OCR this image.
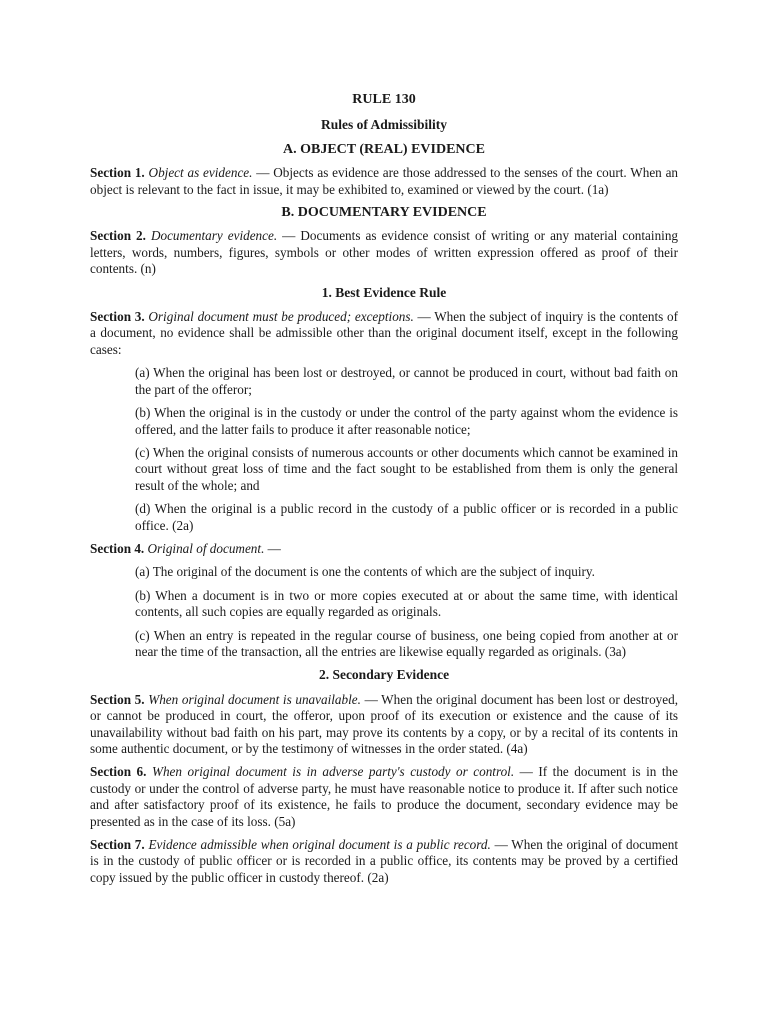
RULE 130
Rules of Admissibility
A. OBJECT (REAL) EVIDENCE

Section 1. Object as evidence. — Objects as evidence are those addressed to the senses of the court. When an object is relevant to the fact in issue, it may be exhibited to, examined or viewed by the court. (1a)

B. DOCUMENTARY EVIDENCE

Section 2. Documentary evidence. — Documents as evidence consist of writing or any material containing letters, words, numbers, figures, symbols or other modes of written expression offered as proof of their contents. (n)

1. Best Evidence Rule

Section 3. Original document must be produced; exceptions. — When the subject of inquiry is the contents of a document, no evidence shall be admissible other than the original document itself, except in the following cases:

(a) When the original has been lost or destroyed, or cannot be produced in court, without bad faith on the part of the offeror;

(b) When the original is in the custody or under the control of the party against whom the evidence is offered, and the latter fails to produce it after reasonable notice;

(c) When the original consists of numerous accounts or other documents which cannot be examined in court without great loss of time and the fact sought to be established from them is only the general result of the whole; and

(d) When the original is a public record in the custody of a public officer or is recorded in a public office. (2a)

Section 4. Original of document. —

(a) The original of the document is one the contents of which are the subject of inquiry.

(b) When a document is in two or more copies executed at or about the same time, with identical contents, all such copies are equally regarded as originals.

(c) When an entry is repeated in the regular course of business, one being copied from another at or near the time of the transaction, all the entries are likewise equally regarded as originals. (3a)

2. Secondary Evidence

Section 5. When original document is unavailable. — When the original document has been lost or destroyed, or cannot be produced in court, the offeror, upon proof of its execution or existence and the cause of its unavailability without bad faith on his part, may prove its contents by a copy, or by a recital of its contents in some authentic document, or by the testimony of witnesses in the order stated. (4a)

Section 6. When original document is in adverse party's custody or control. — If the document is in the custody or under the control of adverse party, he must have reasonable notice to produce it. If after such notice and after satisfactory proof of its existence, he fails to produce the document, secondary evidence may be presented as in the case of its loss. (5a)

Section 7. Evidence admissible when original document is a public record. — When the original of document is in the custody of public officer or is recorded in a public office, its contents may be proved by a certified copy issued by the public officer in custody thereof. (2a)
